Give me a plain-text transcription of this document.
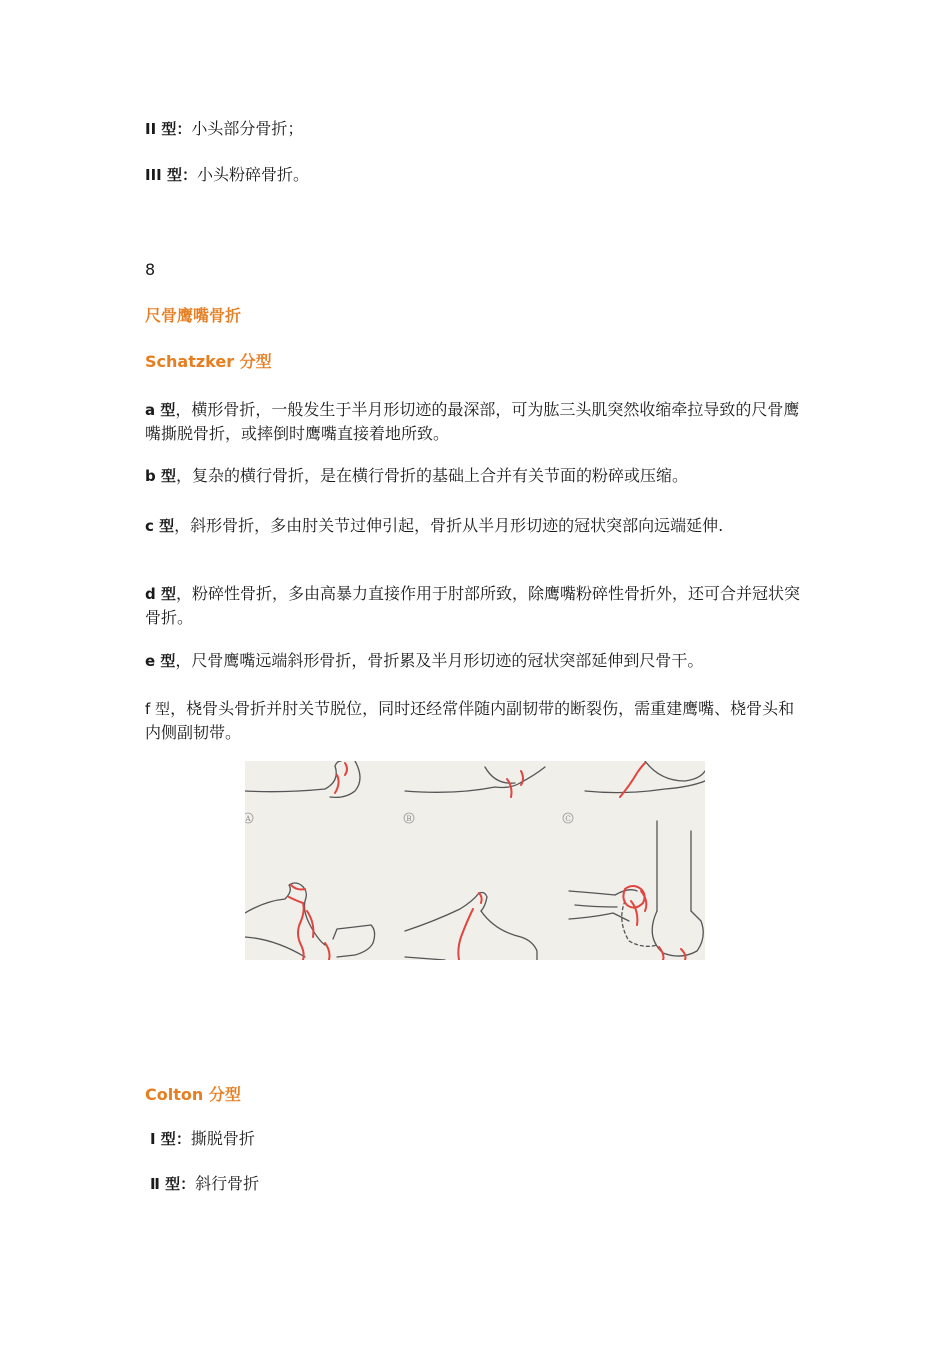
II 型：小头部分骨折；
III 型：小头粉碎骨折。
8
尺骨鹰嘴骨折
Schatzker 分型
a 型，横形骨折，一般发生于半月形切迹的最深部，可为肱三头肌突然收缩牵拉导致的尺骨鹰嘴撕脱骨折，或摔倒时鹰嘴直接着地所致。
b 型，复杂的横行骨折，是在横行骨折的基础上合并有关节面的粉碎或压缩。
c 型，斜形骨折，多由肘关节过伸引起，骨折从半月形切迹的冠状突部向远端延伸.
d 型，粉碎性骨折，多由高暴力直接作用于肘部所致，除鹰嘴粉碎性骨折外，还可合并冠状突骨折。
e 型，尺骨鹰嘴远端斜形骨折，骨折累及半月形切迹的冠状突部延伸到尺骨干。
f 型，桡骨头骨折并肘关节脱位，同时还经常伴随内副韧带的断裂伤，需重建鹰嘴、桡骨头和内侧副韧带。
A	B	C
Colton 分型
Ⅰ 型：撕脱骨折
Ⅱ 型：斜行骨折
